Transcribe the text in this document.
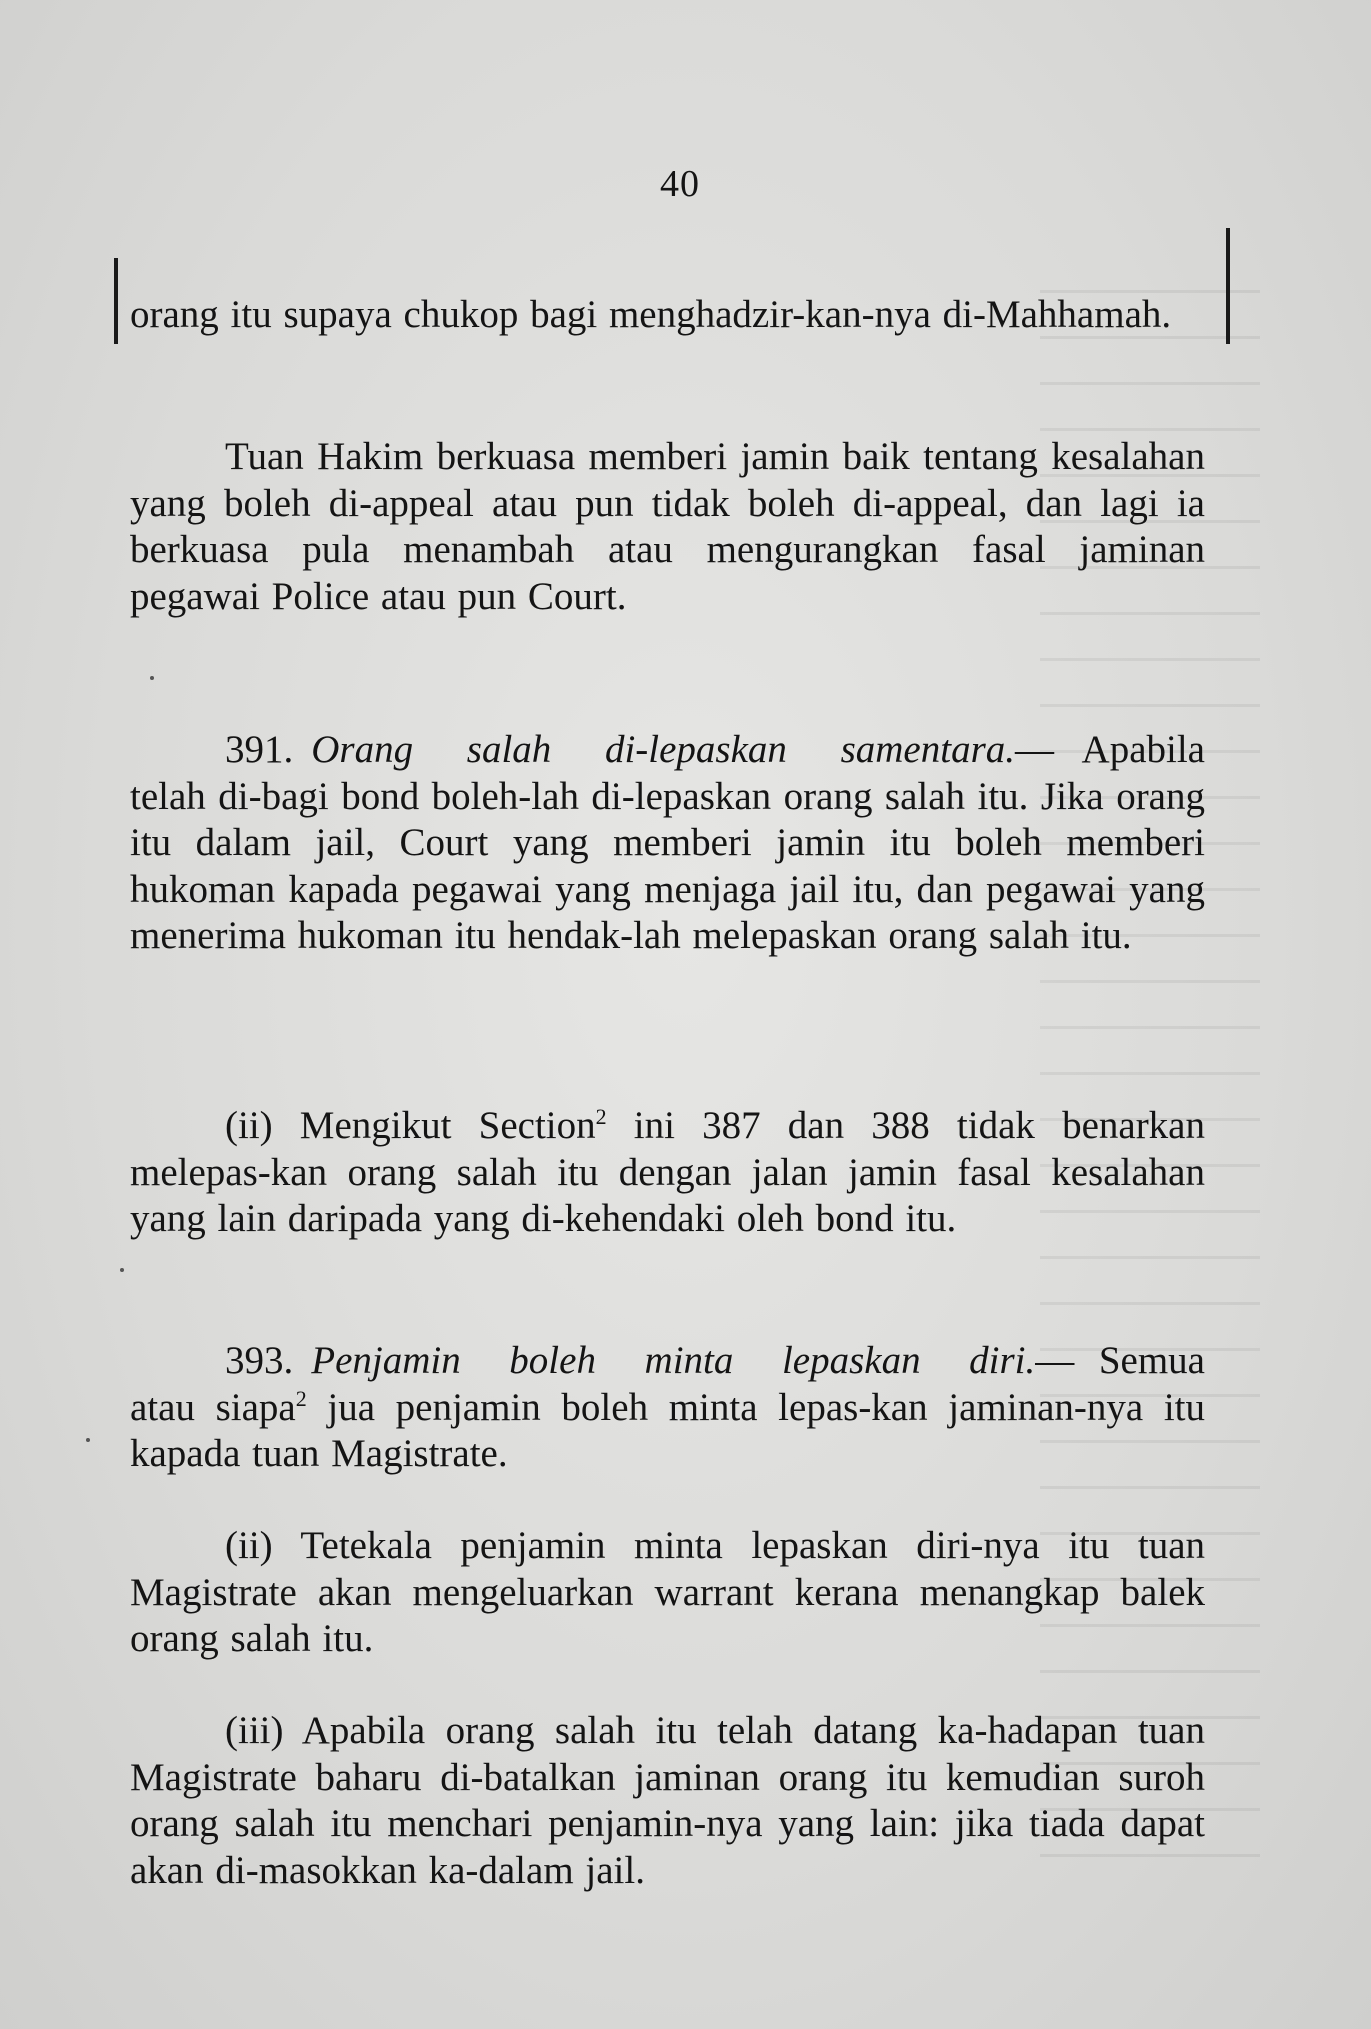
40

orang itu supaya chukop bagi menghadzir-kan-nya di-Mahhamah.

Tuan Hakim berkuasa memberi jamin baik tentang kesalahan yang boleh di-appeal atau pun tidak boleh di-appeal, dan lagi ia berkuasa pula menambah atau mengurangkan fasal jaminan pegawai Police atau pun Court.

391. Orang salah di-lepaskan samentara.— Apabila telah di-bagi bond boleh-lah di-lepaskan orang salah itu. Jika orang itu dalam jail, Court yang memberi jamin itu boleh memberi hukoman kapada pegawai yang menjaga jail itu, dan pegawai yang menerima hukoman itu hendak-lah melepaskan orang salah itu.

(ii) Mengikut Section$^2$ ini 387 dan 388 tidak benarkan melepas-kan orang salah itu dengan jalan jamin fasal kesalahan yang lain daripada yang di-kehendaki oleh bond itu.

393. Penjamin boleh minta lepaskan diri.— Semua atau siapa$^2$ jua penjamin boleh minta lepas-kan jaminan-nya itu kapada tuan Magistrate.

(ii) Tetekala penjamin minta lepaskan diri-nya itu tuan Magistrate akan mengeluarkan warrant kerana menangkap balek orang salah itu.

(iii) Apabila orang salah itu telah datang ka-hadapan tuan Magistrate baharu di-batalkan jaminan orang itu kemudian suroh orang salah itu menchari penjamin-nya yang lain: jika tiada dapat akan di-masokkan ka-dalam jail.
